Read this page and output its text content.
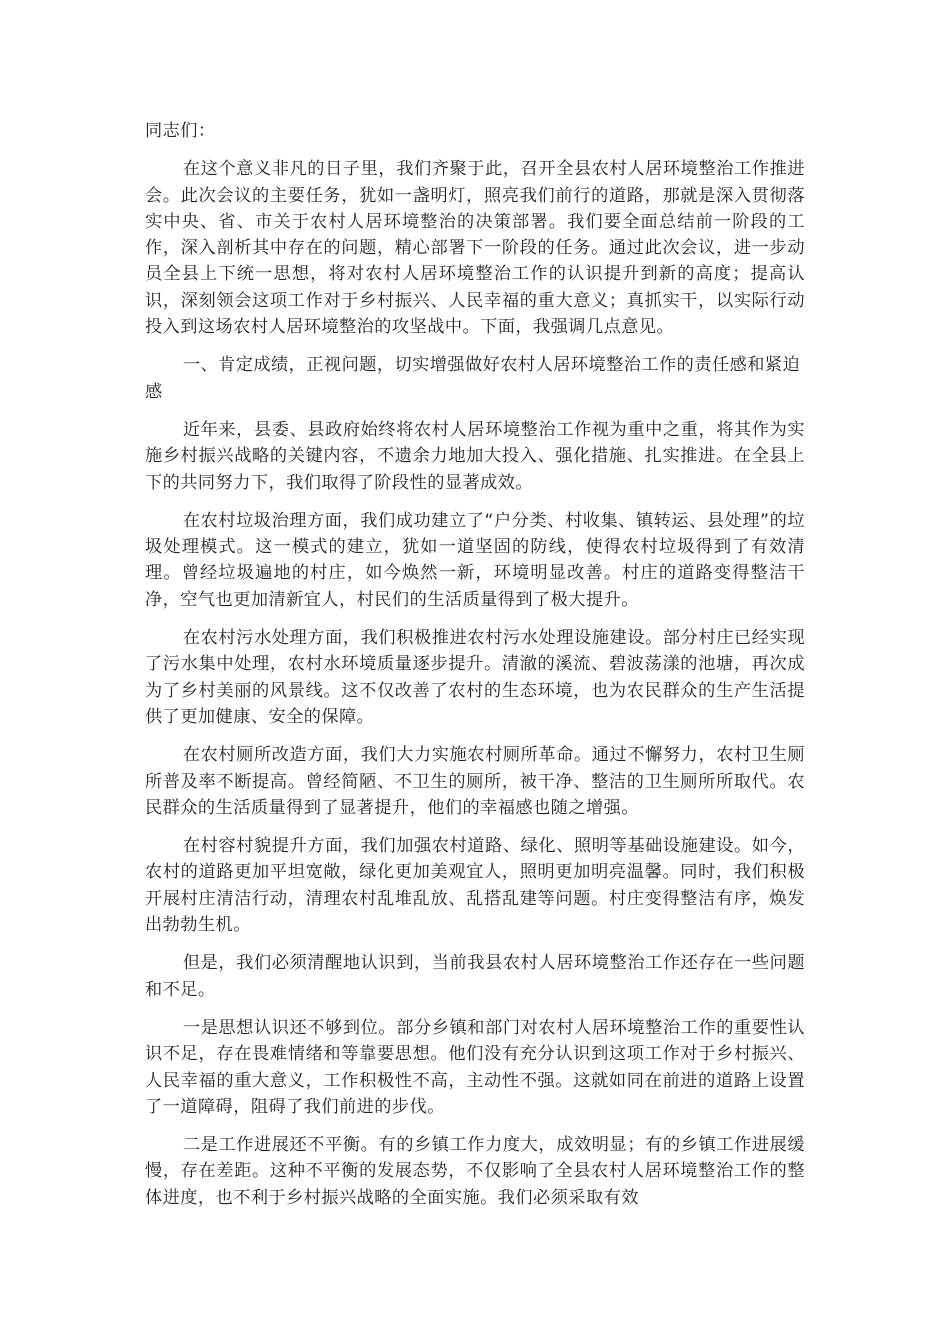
同志们：

在这个意义非凡的日子里，我们齐聚于此，召开全县农村人居环境整治工作推进会。此次会议的主要任务，犹如一盏明灯，照亮我们前行的道路，那就是深入贯彻落实中央、省、市关于农村人居环境整治的决策部署。我们要全面总结前一阶段的工作，深入剖析其中存在的问题，精心部署下一阶段的任务。通过此次会议，进一步动员全县上下统一思想，将对农村人居环境整治工作的认识提升到新的高度；提高认识，深刻领会这项工作对于乡村振兴、人民幸福的重大意义；真抓实干，以实际行动投入到这场农村人居环境整治的攻坚战中。下面，我强调几点意见。

一、肯定成绩，正视问题，切实增强做好农村人居环境整治工作的责任感和紧迫感

近年来，县委、县政府始终将农村人居环境整治工作视为重中之重，将其作为实施乡村振兴战略的关键内容，不遗余力地加大投入、强化措施、扎实推进。在全县上下的共同努力下，我们取得了阶段性的显著成效。

在农村垃圾治理方面，我们成功建立了“户分类、村收集、镇转运、县处理”的垃圾处理模式。这一模式的建立，犹如一道坚固的防线，使得农村垃圾得到了有效清理。曾经垃圾遍地的村庄，如今焕然一新，环境明显改善。村庄的道路变得整洁干净，空气也更加清新宜人，村民们的生活质量得到了极大提升。

在农村污水处理方面，我们积极推进农村污水处理设施建设。部分村庄已经实现了污水集中处理，农村水环境质量逐步提升。清澈的溪流、碧波荡漾的池塘，再次成为了乡村美丽的风景线。这不仅改善了农村的生态环境，也为农民群众的生产生活提供了更加健康、安全的保障。

在农村厕所改造方面，我们大力实施农村厕所革命。通过不懈努力，农村卫生厕所普及率不断提高。曾经简陋、不卫生的厕所，被干净、整洁的卫生厕所所取代。农民群众的生活质量得到了显著提升，他们的幸福感也随之增强。

在村容村貌提升方面，我们加强农村道路、绿化、照明等基础设施建设。如今，农村的道路更加平坦宽敞，绿化更加美观宜人，照明更加明亮温馨。同时，我们积极开展村庄清洁行动，清理农村乱堆乱放、乱搭乱建等问题。村庄变得整洁有序，焕发出勃勃生机。

但是，我们必须清醒地认识到，当前我县农村人居环境整治工作还存在一些问题和不足。

一是思想认识还不够到位。部分乡镇和部门对农村人居环境整治工作的重要性认识不足，存在畏难情绪和等靠要思想。他们没有充分认识到这项工作对于乡村振兴、人民幸福的重大意义，工作积极性不高，主动性不强。这就如同在前进的道路上设置了一道障碍，阻碍了我们前进的步伐。

二是工作进展还不平衡。有的乡镇工作力度大，成效明显；有的乡镇工作进展缓慢，存在差距。这种不平衡的发展态势，不仅影响了全县农村人居环境整治工作的整体进度，也不利于乡村振兴战略的全面实施。我们必须采取有效
